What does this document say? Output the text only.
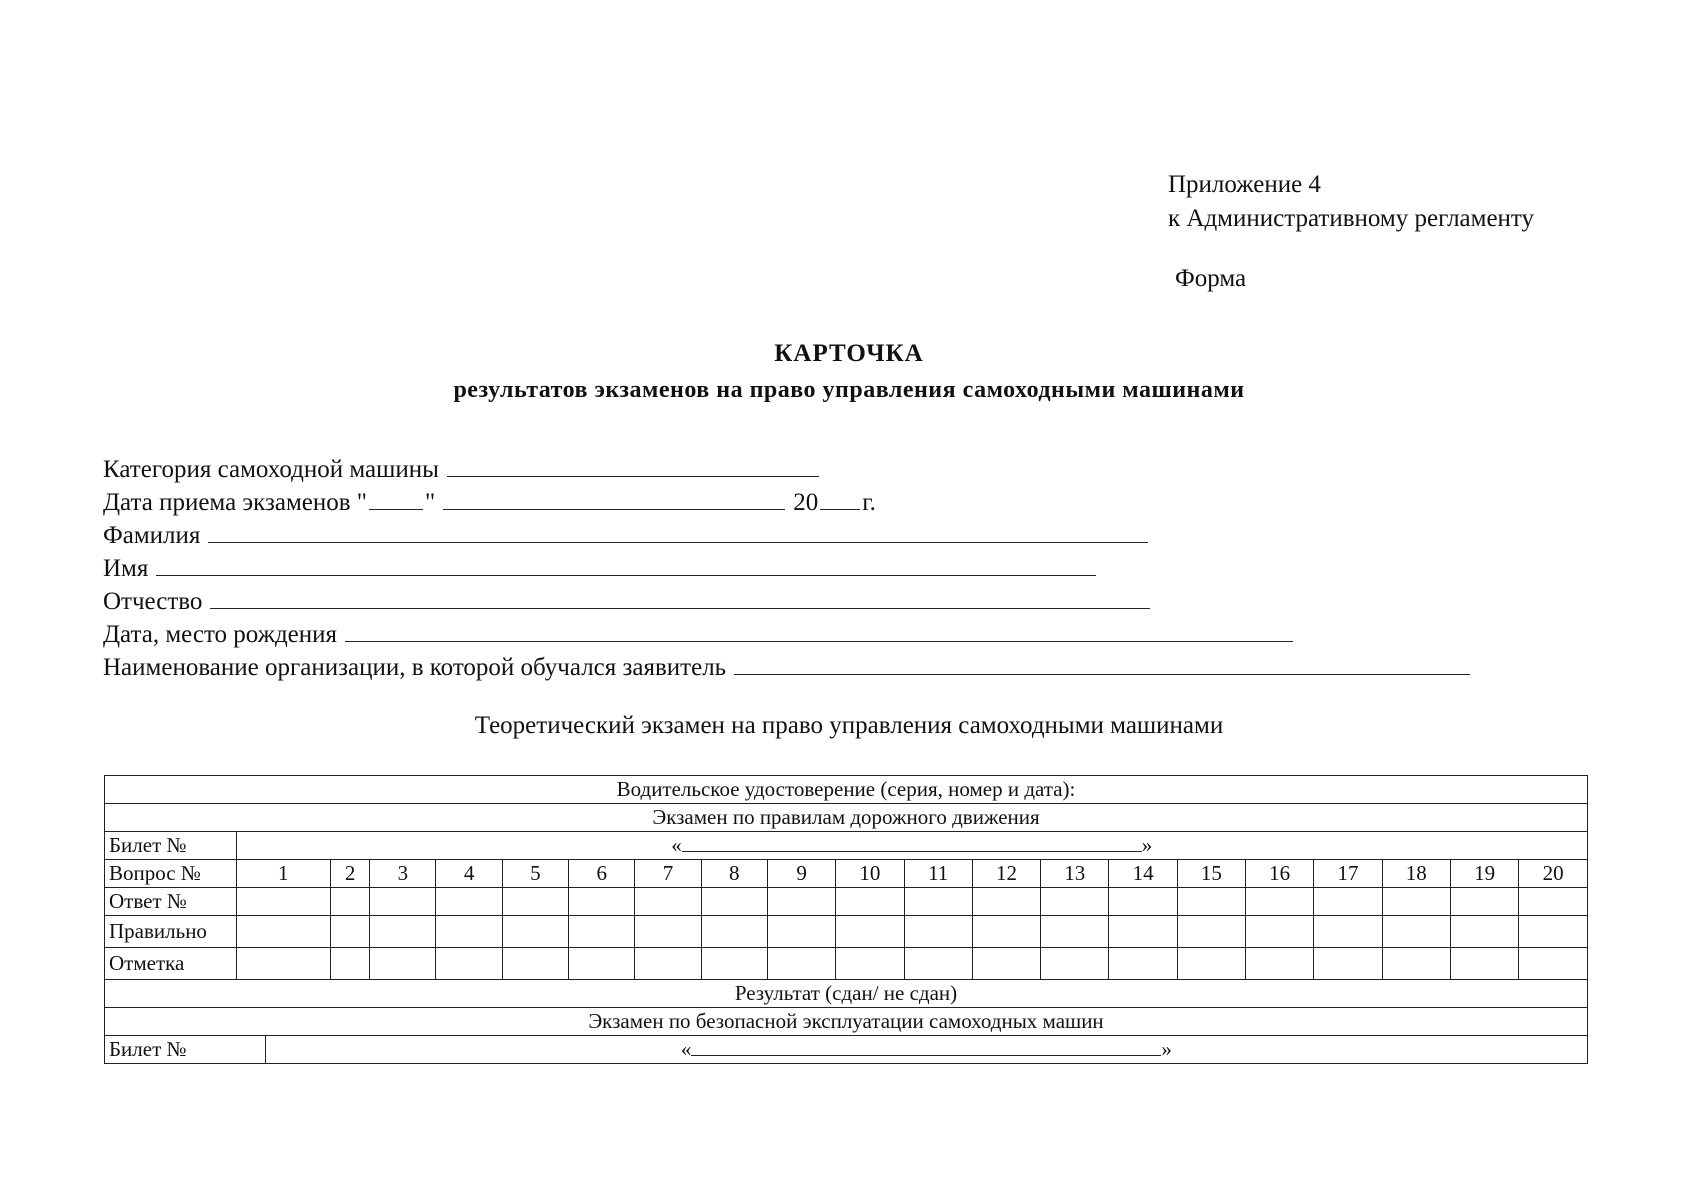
Приложение 4
к Административному регламенту
Форма
КАРТОЧКА
результатов экзаменов на право управления самоходными машинами
Категория самоходной машины
Дата приема экзаменов " "	20 г.
Фамилия
Имя
Отчество
Дата, место рождения
Наименование организации, в которой обучался заявитель
Теоретический экзамен на право управления самоходными машинами
Водительское удостоверение (серия, номер и дата):																					
Экзамен по правилам дорожного движения																					
Билет №	« »																				
Вопрос №	1		2	3	4	5	6	7	8	9	10	11	12	13	14	15	16	17	18	19	20
Ответ №																					
Правильно																					
Отметка																					
Результат (сдан/ не сдан)																					
Экзамен по безопасной эксплуатации самоходных машин																					
Билет №		« »																			
